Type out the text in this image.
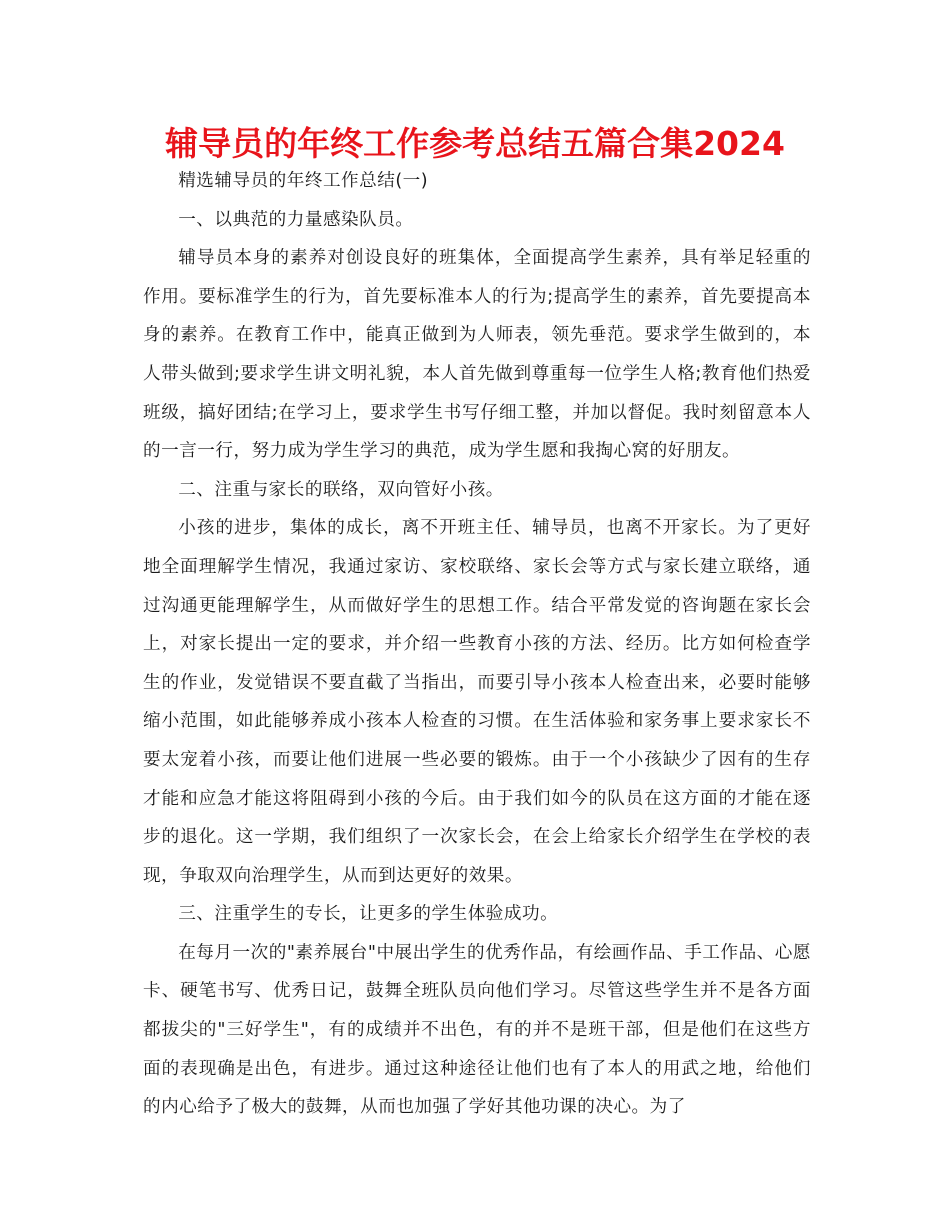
辅导员的年终工作参考总结五篇合集2024

精选辅导员的年终工作总结(一)

一、以典范的力量感染队员。

辅导员本身的素养对创设良好的班集体，全面提高学生素养，具有举足轻重的作用。要标准学生的行为，首先要标准本人的行为;提高学生的素养，首先要提高本身的素养。在教育工作中，能真正做到为人师表，领先垂范。要求学生做到的，本人带头做到;要求学生讲文明礼貌，本人首先做到尊重每一位学生人格;教育他们热爱班级，搞好团结;在学习上，要求学生书写仔细工整，并加以督促。我时刻留意本人的一言一行，努力成为学生学习的典范，成为学生愿和我掏心窝的好朋友。

二、注重与家长的联络，双向管好小孩。

小孩的进步，集体的成长，离不开班主任、辅导员，也离不开家长。为了更好地全面理解学生情况，我通过家访、家校联络、家长会等方式与家长建立联络，通过沟通更能理解学生，从而做好学生的思想工作。结合平常发觉的咨询题在家长会上，对家长提出一定的要求，并介绍一些教育小孩的方法、经历。比方如何检查学生的作业，发觉错误不要直截了当指出，而要引导小孩本人检查出来，必要时能够缩小范围，如此能够养成小孩本人检查的习惯。在生活体验和家务事上要求家长不要太宠着小孩，而要让他们进展一些必要的锻炼。由于一个小孩缺少了因有的生存才能和应急才能这将阻碍到小孩的今后。由于我们如今的队员在这方面的才能在逐步的退化。这一学期，我们组织了一次家长会，在会上给家长介绍学生在学校的表现，争取双向治理学生，从而到达更好的效果。

三、注重学生的专长，让更多的学生体验成功。

在每月一次的"素养展台"中展出学生的优秀作品，有绘画作品、手工作品、心愿卡、硬笔书写、优秀日记，鼓舞全班队员向他们学习。尽管这些学生并不是各方面都拔尖的"三好学生"，有的成绩并不出色，有的并不是班干部，但是他们在这些方面的表现确是出色，有进步。通过这种途径让他们也有了本人的用武之地，给他们的内心给予了极大的鼓舞，从而也加强了学好其他功课的决心。为了
